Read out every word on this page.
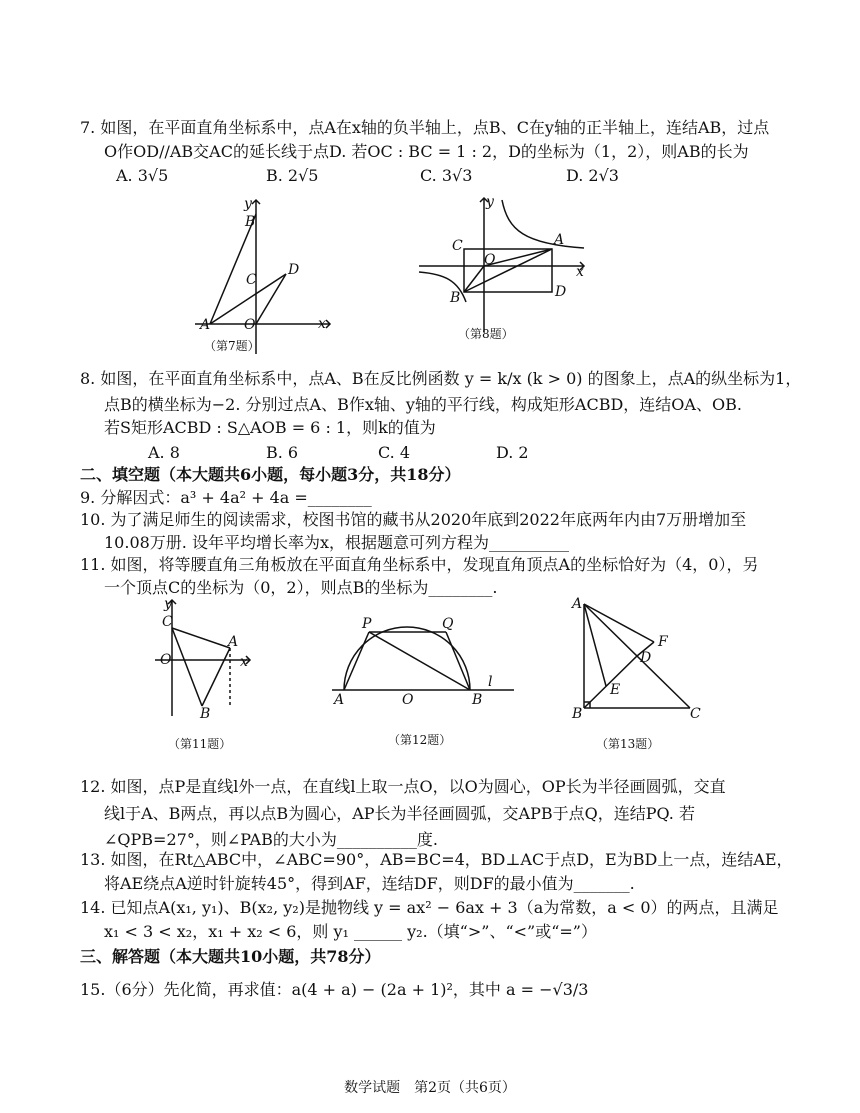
7. 如图，在平面直角坐标系中，点A在x轴的负半轴上，点B、C在y轴的正半轴上，连结AB，过点
O作OD//AB交AC的延长线于点D. 若OC : BC = 1 : 2，D的坐标为（1，2），则AB的长为
A. 3√5	B. 2√5	C. 3√3	D. 2√3
y
B
C
D
A O	x
（第7题）
y
C	A
O
x
B	D
（第8题）
8. 如图，在平面直角坐标系中，点A、B在反比例函数 y = k/x (k > 0) 的图象上，点A的纵坐标为1，
点B的横坐标为−2. 分别过点A、B作x轴、y轴的平行线，构成矩形ACBD，连结OA、OB.
若S矩形ACBD : S△AOB = 6 : 1，则k的值为
A. 8	B. 6	C. 4	D. 2
二、填空题（本大题共6小题，每小题3分，共18分）
9. 分解因式：a³ + 4a² + 4a =________
10. 为了满足师生的阅读需求，校图书馆的藏书从2020年底到2022年底两年内由7万册增加至
10.08万册. 设年平均增长率为x，根据题意可列方程为__________
11. 如图，将等腰直角三角板放在平面直角坐标系中，发现直角顶点A的坐标恰好为（4，0），另
一个顶点C的坐标为（0，2），则点B的坐标为________.
y
C
A
O	x
B
（第11题）
P	Q
A	O	B
l
（第12题）
A
F
D
E
B	C
（第13题）
12. 如图，点P是直线l外一点，在直线l上取一点O，以O为圆心，OP长为半径画圆弧，交直
线l于A、B两点，再以点B为圆心，AP长为半径画圆弧，交APB于点Q，连结PQ. 若
∠QPB=27°，则∠PAB的大小为__________度.
13. 如图，在Rt△ABC中，∠ABC=90°，AB=BC=4，BD⊥AC于点D，E为BD上一点，连结AE，
将AE绕点A逆时针旋转45°，得到AF，连结DF，则DF的最小值为_______.
14. 已知点A(x₁, y₁)、B(x₂, y₂)是抛物线 y = ax² − 6ax + 3（a为常数，a < 0）的两点，且满足
x₁ < 3 < x₂，x₁ + x₂ < 6，则 y₁ ______ y₂.（填“>”、“<”或“=”）
三、解答题（本大题共10小题，共78分）
15.（6分）先化简，再求值：a(4 + a) − (2a + 1)²，其中 a = −√3/3
数学试题　第2页（共6页）
